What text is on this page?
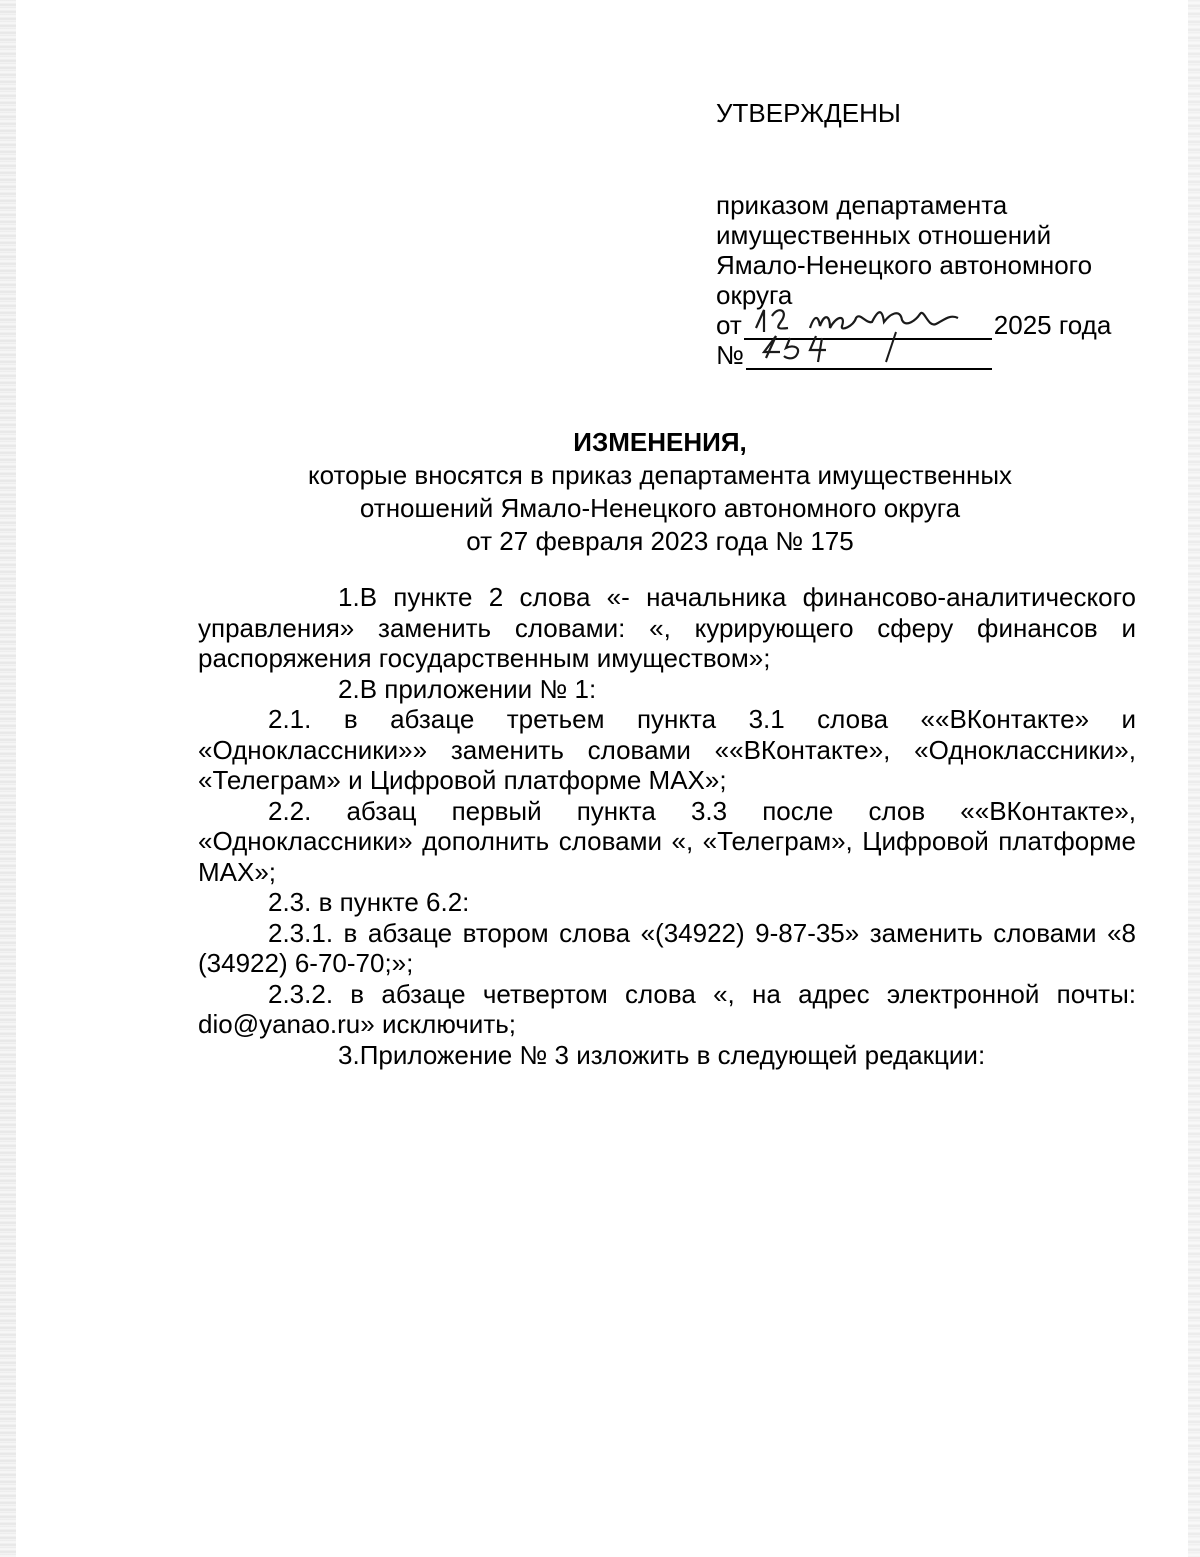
УТВЕРЖДЕНЫ
приказом департамента
имущественных отношений
Ямало-Ненецкого автономного
округа
от	2025 года
№
ИЗМЕНЕНИЯ,
которые вносятся в приказ департамента имущественных
отношений Ямало-Ненецкого автономного округа
от 27 февраля 2023 года № 175

1.В пункте 2 слова «- начальника финансово-аналитического управления» заменить словами: «, курирующего сферу финансов и распоряжения государственным имуществом»;

2.В приложении № 1:

2.1. в абзаце третьем пункта 3.1 слова ««ВКонтакте» и «Одноклассники»» заменить словами ««ВКонтакте», «Одноклассники», «Телеграм» и Цифровой платформе МАХ»;

2.2. абзац первый пункта 3.3 после слов ««ВКонтакте», «Одноклассники» дополнить словами «, «Телеграм», Цифровой платформе МАХ»;

2.3. в пункте 6.2:

2.3.1. в абзаце втором слова «(34922) 9-87-35» заменить словами «8 (34922) 6-70-70;»;

2.3.2. в абзаце четвертом слова «, на адрес электронной почты: dio@yanao.ru» исключить;

3.Приложение № 3 изложить в следующей редакции:
